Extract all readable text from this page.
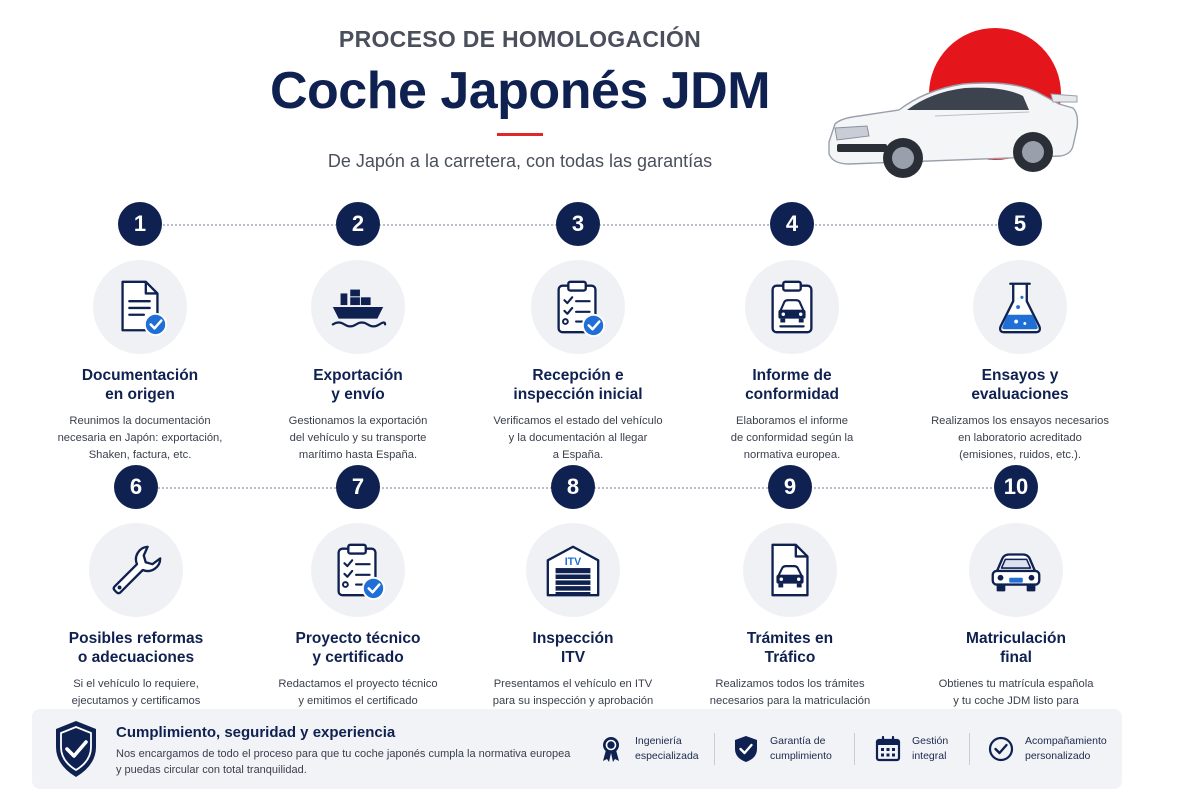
PROCESO DE HOMOLOGACIÓN
Coche Japonés JDM
De Japón a la carretera, con todas las garantías
1
Documentación
en origen
Reunimos la documentación
necesaria en Japón: exportación,
Shaken, factura, etc.
2
Exportación
y envío
Gestionamos la exportación
del vehículo y su transporte
marítimo hasta España.
3
Recepción e
inspección inicial
Verificamos el estado del vehículo
y la documentación al llegar
a España.
4
Informe de
conformidad
Elaboramos el informe
de conformidad según la
normativa europea.
5
Ensayos y
evaluaciones
Realizamos los ensayos necesarios
en laboratorio acreditado
(emisiones, ruidos, etc.).
6
Posibles reformas
o adecuaciones
Si el vehículo lo requiere,
ejecutamos y certificamos

7
Proyecto técnico
y certificado
Redactamos el proyecto técnico
y emitimos el certificado

8
ITV
Inspección
ITV
Presentamos el vehículo en ITV
para su inspección y aprobación

9
Trámites en
Tráfico
Realizamos todos los trámites
necesarios para la matriculación

10
Matriculación
final
Obtienes tu matrícula española
y tu coche JDM listo para

Cumplimiento, seguridad y experiencia
Nos encargamos de todo el proceso para que tu coche japonés cumpla la normativa europea y puedas circular con total tranquilidad.
Ingeniería
especializada
Garantía de
cumplimiento
Gestión
integral
Acompañamiento
personalizado
